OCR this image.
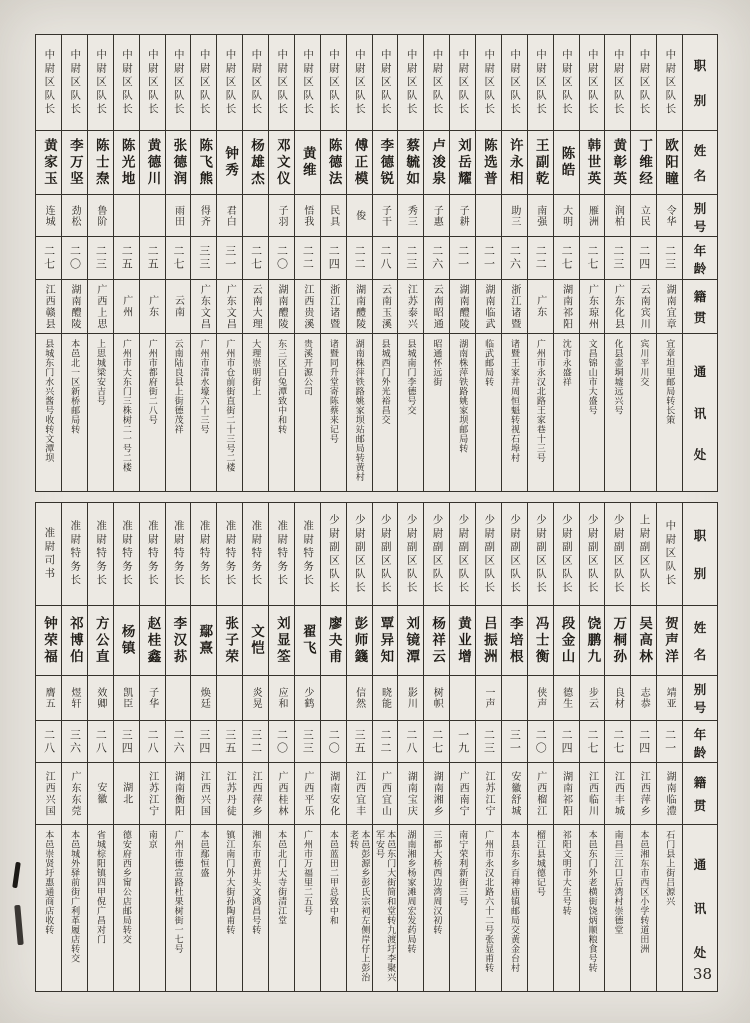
职
别
姓
名
别
号
年
龄
籍
贯
通
讯
处
中尉区队长
欧阳瞳
令华
二三
湖南宜章
宜章坦里邮局转长策
中尉区队长
丁维经
立民
二四
云南宾川
宾川平川交
中尉区队长
黄彰英
润柏
二三
广东化县
化县壶垌墟远兴号
中尉区队长
韩世英
雁洲
二七
广东琼州
文昌锦山市大盛号
中尉区队长
陈皓
大明
二七
湖南祁阳
沈市永盛祥
中尉区队长
王副乾
南强
二二
广东
广州市永汉北路王家巷十三号
中尉区队长
许永相
助三
二六
浙江诸暨
诸暨王家井周恒魁转视石埠村
中尉区队长
陈选普
二一
湖南临武
临武邮局转
中尉区队长
刘岳耀
子耕
二一
湖南醴陵
湖南株萍铁路姚家坝邮局转
中尉区队长
卢浚泉
子惠
二六
云南昭通
昭通怀远街
中尉区队长
蔡毓如
秀三
二三
江苏泰兴
县城南门李德号交
中尉区队长
李德锐
子干
二八
云南玉溪
县城西门外光裕昌交
中尉区队长
傅正模
俊
二二
湖南醴陵
湖南株萍铁路姚家坝站邮局转黄村
中尉区队长
陈德法
民具
二四
浙江诸暨
诸暨同升堂寄陈蔡来记号
中尉区队长
黄维
悟我
二二
江西贵溪
贵溪开源公司
中尉区队长
邓文仪
子羽
二〇
湖南醴陵
东三区白兔潭致中和转
中尉区队长
杨雄杰
二七
云南大理
大理崇明街上
中尉区队长
钟秀
君白
三一
广东文昌
广州市仓前街直街二十三号二楼
中尉区队长
陈飞熊
得齐
三三
广东文昌
广州市清水壕六十三号
中尉区队长
张德润
雨田
二七
云南
云南陆良县上街德茂祥
中尉区队长
黄德川
二五
广东
广州市都府街二八号
中尉区队长
陈光地
二五
广州
广州市大东门三株树二一号二楼
中尉区队长
陈士焘
鲁阶
二三
广西上思
上思城梁安吉号
中尉区队长
李万坚
劲松
二〇
湖南醴陵
本邑北一区新桥邮局转
中尉区队长
黄家玉
连城
二七
江西赣县
县城东门水兴酱号收转文潭坝
职
别
姓
名
别
号
年
龄
籍
贯
通
讯
处
中尉区队长
贺声洋
靖亚
二一
湖南临澧
石门县上街吕源兴
上尉副区队长
吴高林
志恭
二四
江西萍乡
本邑湘东市西区小学转道田洲
少尉副区队长
万桐孙
良材
二七
江西丰城
南昌三江口后湾村崇德堂
少尉副区队长
饶鹏九
步云
二七
江西临川
本邑东门外老横街饶炳顺粮食号转
少尉副区队长
段金山
德生
二四
湖南祁阳
祁阳文明市大生号转
少尉副区队长
冯士衡
侠声
二〇
广西榴江
榴江县城德记号
少尉副区队长
李培根
三一
安徽舒城
本县东乡百神庙镇邮局交黄金台村
少尉副区队长
吕振洲
一声
二三
江苏江宁
广州市永汉北路六十二号张显甫转
少尉副区队长
黄业增
一九
广西南宁
南宁荣利新街三号
少尉副区队长
杨祥云
树帜
二七
湖南湘乡
三都大桥西边湾周汉初转
少尉副区队长
刘镜潭
影川
二八
湖南宝庆
湖南湘乡杨家滩周宏发药局转
少尉副区队长
覃异知
晓能
二二
广西宜山
本邑东门大街简和堂转九渡圩李聚兴军安号
少尉副区队长
彭师籛
信然
三五
江西宜丰
本邑彭源乡彭氏宗祠左侧岸仔上彭治老转
少尉副区队长
廖夬甫
二〇
湖南安化
本邑蓝田二甲总致中和
准尉特务长
翟飞
少鹤
三三
广西平乐
广州市万福里二五号
准尉特务长
刘显筌
应和
二〇
广西桂林
本邑北门大寺街清江堂
准尉特务长
文恺
炎晃
三二
江西萍乡
湘东市黄井头文鸿昌号转
准尉特务长
张子荣
三五
江苏丹徒
镇江南门外大街孙陶甫转
准尉特务长
鄢熹
焕廷
三四
江西兴国
本邑鄢恒盛
准尉特务长
李汉荪
二六
湖南衡阳
广州市德宣路杜果树街一七号
准尉特务长
赵桂鑫
子华
二八
江苏江宁
南京
准尉特务长
杨镇
凯臣
三四
湖北
德安府西乡甯公店邮局转交
准尉特务长
方公直
效卿
二八
安徽
省城棕阳镇四甲倪广昌对门
准尉特务长
祁博伯
煜轩
三六
广东东莞
本邑城外驿前街广利革履店转交
准尉司书
钟荣福
膺五
二八
江西兴国
本邑崇贤圩惠通商店收转
38
